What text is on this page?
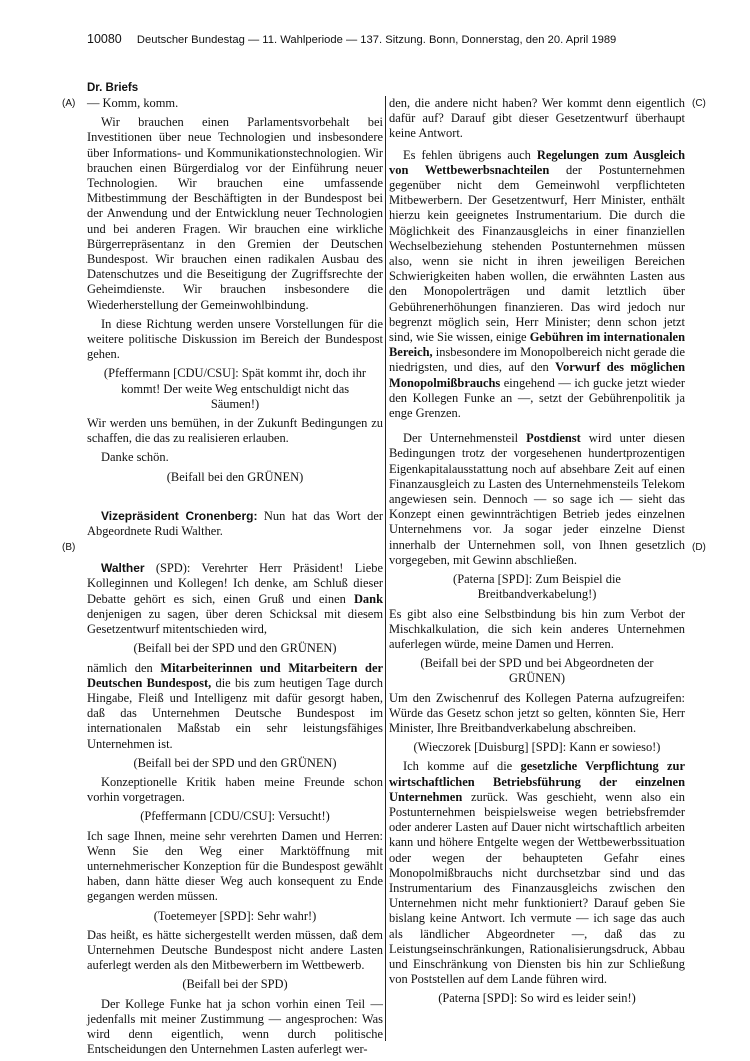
10080 Deutscher Bundestag — 11. Wahlperiode — 137. Sitzung. Bonn, Donnerstag, den 20. April 1989
Dr. Briefs
(A)
(B)
(C)
(D)

— Komm, komm.

Wir brauchen einen Parlamentsvorbehalt bei Investitionen über neue Technologien und insbesondere über Informations- und Kommunikationstechnologien. Wir brauchen einen Bürgerdialog vor der Einführung neuer Technologien. Wir brauchen eine umfassende Mitbestimmung der Beschäftigten in der Bundespost bei der Anwendung und der Entwicklung neuer Technologien und bei anderen Fragen. Wir brauchen eine wirkliche Bürgerrepräsentanz in den Gremien der Deutschen Bundespost. Wir brauchen einen radikalen Ausbau des Datenschutzes und die Beseitigung der Zugriffsrechte der Geheimdienste. Wir brauchen insbesondere die Wiederherstellung der Gemeinwohlbindung.

In diese Richtung werden unsere Vorstellungen für die weitere politische Diskussion im Bereich der Bundespost gehen.

(Pfeffermann [CDU/CSU]: Spät kommt ihr, doch ihr kommt! Der weite Weg entschuldigt nicht das Säumen!)

Wir werden uns bemühen, in der Zukunft Bedingungen zu schaffen, die das zu realisieren erlauben.

Danke schön.

(Beifall bei den GRÜNEN)

Vizepräsident Cronenberg: Nun hat das Wort der Abgeordnete Rudi Walther.

Walther (SPD): Verehrter Herr Präsident! Liebe Kolleginnen und Kollegen! Ich denke, am Schluß dieser Debatte gehört es sich, einen Gruß und einen Dank denjenigen zu sagen, über deren Schicksal mit diesem Gesetzentwurf mitentschieden wird,

(Beifall bei der SPD und den GRÜNEN)

nämlich den Mitarbeiterinnen und Mitarbeitern der Deutschen Bundespost, die bis zum heutigen Tage durch Hingabe, Fleiß und Intelligenz mit dafür gesorgt haben, daß das Unternehmen Deutsche Bundespost im internationalen Maßstab ein sehr leistungsfähiges Unternehmen ist.

(Beifall bei der SPD und den GRÜNEN)

Konzeptionelle Kritik haben meine Freunde schon vorhin vorgetragen.

(Pfeffermann [CDU/CSU]: Versucht!)

Ich sage Ihnen, meine sehr verehrten Damen und Herren: Wenn Sie den Weg einer Marktöffnung mit unternehmerischer Konzeption für die Bundespost gewählt haben, dann hätte dieser Weg auch konsequent zu Ende gegangen werden müssen.

(Toetemeyer [SPD]: Sehr wahr!)

Das heißt, es hätte sichergestellt werden müssen, daß dem Unternehmen Deutsche Bundespost nicht andere Lasten auferlegt werden als den Mitbewerbern im Wettbewerb.

(Beifall bei der SPD)

Der Kollege Funke hat ja schon vorhin einen Teil — jedenfalls mit meiner Zustimmung — angesprochen: Was wird denn eigentlich, wenn durch politische Entscheidungen den Unternehmen Lasten auferlegt wer-

den, die andere nicht haben? Wer kommt denn eigentlich dafür auf? Darauf gibt dieser Gesetzentwurf überhaupt keine Antwort.

Es fehlen übrigens auch Regelungen zum Ausgleich von Wettbewerbsnachteilen der Postunternehmen gegenüber nicht dem Gemeinwohl verpflichteten Mitbewerbern. Der Gesetzentwurf, Herr Minister, enthält hierzu kein geeignetes Instrumentarium. Die durch die Möglichkeit des Finanzausgleichs in einer finanziellen Wechselbeziehung stehenden Postunternehmen müssen also, wenn sie nicht in ihren jeweiligen Bereichen Schwierigkeiten haben wollen, die erwähnten Lasten aus den Monopolerträgen und damit letztlich über Gebührenerhöhungen finanzieren. Das wird jedoch nur begrenzt möglich sein, Herr Minister; denn schon jetzt sind, wie Sie wissen, einige Gebühren im internationalen Bereich, insbesondere im Monopolbereich nicht gerade die niedrigsten, und dies, auf den Vorwurf des möglichen Monopolmißbrauchs eingehend — ich gucke jetzt wieder den Kollegen Funke an —, setzt der Gebührenpolitik ja enge Grenzen.

Der Unternehmensteil Postdienst wird unter diesen Bedingungen trotz der vorgesehenen hundertprozentigen Eigenkapitalausstattung noch auf absehbare Zeit auf einen Finanzausgleich zu Lasten des Unternehmensteils Telekom angewiesen sein. Dennoch — so sage ich — sieht das Konzept einen gewinnträchtigen Betrieb jedes einzelnen Unternehmens vor. Ja sogar jeder einzelne Dienst innerhalb der Unternehmen soll, von Ihnen gesetzlich vorgegeben, mit Gewinn abschließen.

(Paterna [SPD]: Zum Beispiel die Breitbandverkabelung!)

Es gibt also eine Selbstbindung bis hin zum Verbot der Mischkalkulation, die sich kein anderes Unternehmen auferlegen würde, meine Damen und Herren.

(Beifall bei der SPD und bei Abgeordneten der GRÜNEN)

Um den Zwischenruf des Kollegen Paterna aufzugreifen: Würde das Gesetz schon jetzt so gelten, könnten Sie, Herr Minister, Ihre Breitbandverkabelung abschreiben.

(Wieczorek [Duisburg] [SPD]: Kann er sowieso!)

Ich komme auf die gesetzliche Verpflichtung zur wirtschaftlichen Betriebsführung der einzelnen Unternehmen zurück. Was geschieht, wenn also ein Postunternehmen beispielsweise wegen betriebsfremder oder anderer Lasten auf Dauer nicht wirtschaftlich arbeiten kann und höhere Entgelte wegen der Wettbewerbssituation oder wegen der behaupteten Gefahr eines Monopolmißbrauchs nicht durchsetzbar sind und das Instrumentarium des Finanzausgleichs zwischen den Unternehmen nicht mehr funktioniert? Darauf geben Sie bislang keine Antwort. Ich vermute — ich sage das auch als ländlicher Abgeordneter —, daß das zu Leistungseinschränkungen, Rationalisierungsdruck, Abbau und Einschränkung von Diensten bis hin zur Schließung von Poststellen auf dem Lande führen wird.

(Paterna [SPD]: So wird es leider sein!)
